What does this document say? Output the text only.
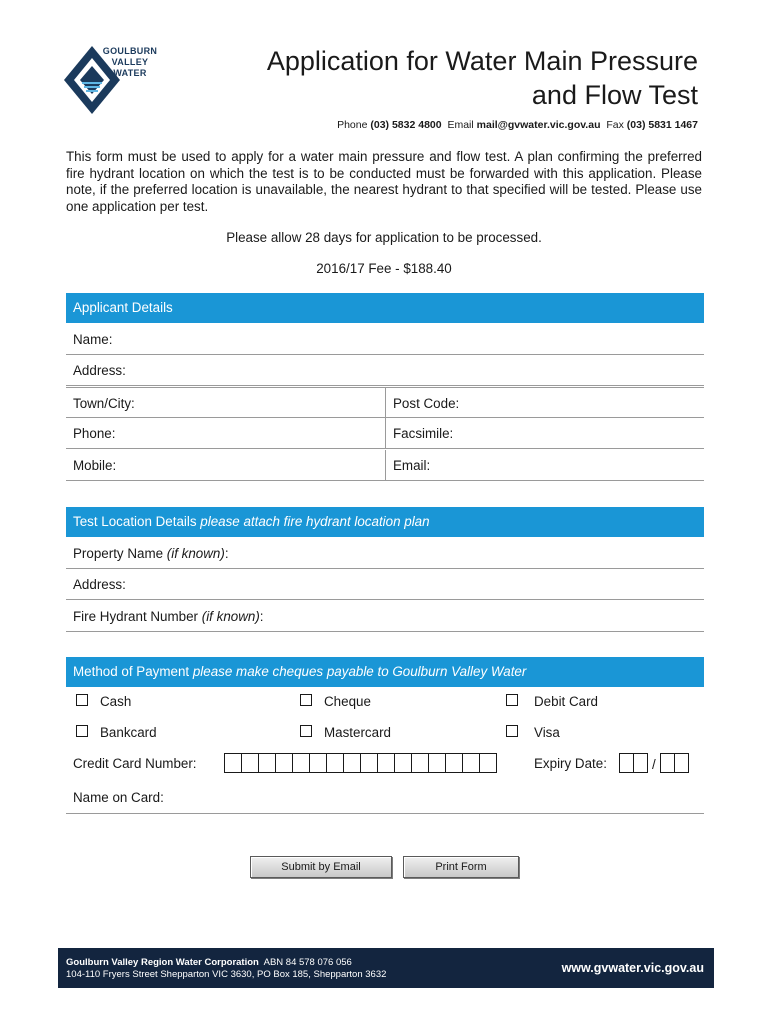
GOULBURN
VALLEY
WATER	Application for Water Main Pressure
and Flow Test
Phone (03) 5832 4800 Email mail@gvwater.vic.gov.au Fax (03) 5831 1467
This form must be used to apply for a water main pressure and flow test. A plan confirming the preferred fire hydrant location on which the test is to be conducted must be forwarded with this application. Please note, if the preferred location is unavailable, the nearest hydrant to that specified will be tested. Please use one application per test.
Please allow 28 days for application to be processed.
2016/17 Fee - $188.40
Applicant Details
Name:
Address:
Town/City:	Post Code:
Phone:	Facsimile:
Mobile:	Email:
Test Location Details please attach fire hydrant location plan
Property Name (if known):
Address:
Fire Hydrant Number (if known):
Method of Payment please make cheques payable to Goulburn Valley Water
Cash	Cheque	Debit Card
Bankcard	Mastercard	Visa
Credit Card Number:	Expiry Date:	/
Name on Card:
Submit by Email	Print Form
Goulburn Valley Region Water Corporation ABN 84 578 076 056
104-110 Fryers Street Shepparton VIC 3630, PO Box 185, Shepparton 3632	www.gvwater.vic.gov.au
